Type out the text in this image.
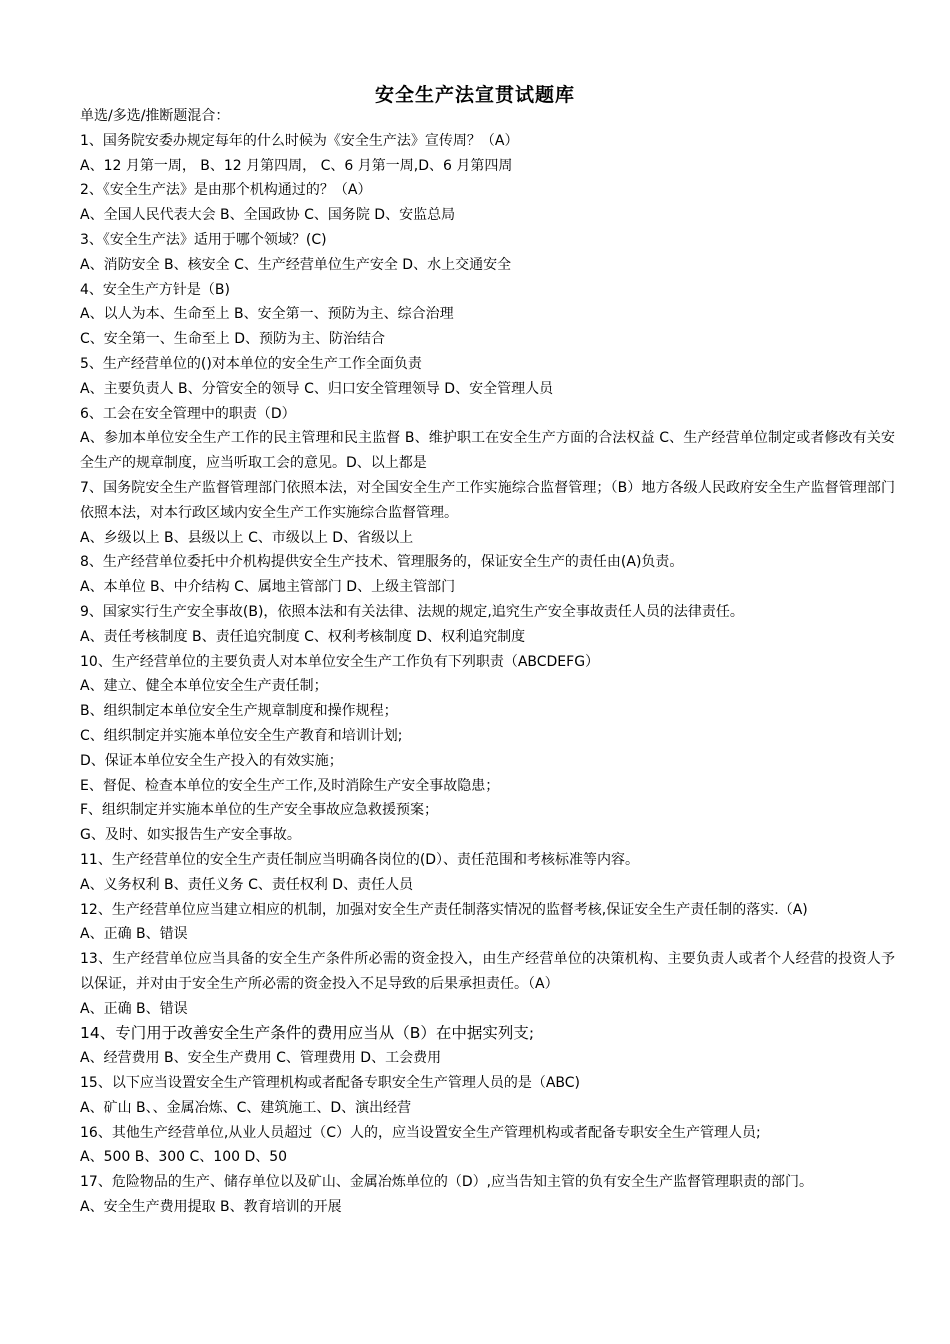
安全生产法宣贯试题库
单选/多选/推断题混合：
1、国务院安委办规定每年的什么时候为《安全生产法》宣传周？（A）
A、12 月第一周， B、12 月第四周， C、6 月第一周,D、6 月第四周
2、《安全生产法》是由那个机构通过的？（A）
A、全国人民代表大会 B、全国政协 C、国务院 D、安监总局
3、《安全生产法》适用于哪个领域？(C)
A、消防安全 B、核安全 C、生产经营单位生产安全 D、水上交通安全
4、安全生产方针是（B)
A、以人为本、生命至上 B、安全第一、预防为主、综合治理
C、安全第一、生命至上 D、预防为主、防治结合
5、生产经营单位的()对本单位的安全生产工作全面负责
A、主要负责人 B、分管安全的领导 C、归口安全管理领导 D、安全管理人员
6、工会在安全管理中的职责（D）
A、参加本单位安全生产工作的民主管理和民主监督 B、维护职工在安全生产方面的合法权益 C、生产经营单位制定或者修改有关安全生产的规章制度，应当听取工会的意见。D、以上都是
7、国务院安全生产监督管理部门依照本法，对全国安全生产工作实施综合监督管理；（B）地方各级人民政府安全生产监督管理部门依照本法，对本行政区域内安全生产工作实施综合监督管理。
A、乡级以上 B、县级以上 C、市级以上 D、省级以上
8、生产经营单位委托中介机构提供安全生产技术、管理服务的，保证安全生产的责任由(A)负责。
A、本单位 B、中介结构 C、属地主管部门 D、上级主管部门
9、国家实行生产安全事故(B)，依照本法和有关法律、法规的规定,追究生产安全事故责任人员的法律责任。
A、责任考核制度 B、责任追究制度 C、权利考核制度 D、权利追究制度
10、生产经营单位的主要负责人对本单位安全生产工作负有下列职责（ABCDEFG）
A、建立、健全本单位安全生产责任制；
B、组织制定本单位安全生产规章制度和操作规程；
C、组织制定并实施本单位安全生产教育和培训计划;
D、保证本单位安全生产投入的有效实施；
E、督促、检查本单位的安全生产工作,及时消除生产安全事故隐患；
F、组织制定并实施本单位的生产安全事故应急救援预案；
G、及时、如实报告生产安全事故。
11、生产经营单位的安全生产责任制应当明确各岗位的(D）、责任范围和考核标准等内容。
A、义务权利 B、责任义务 C、责任权利 D、责任人员
12、生产经营单位应当建立相应的机制，加强对安全生产责任制落实情况的监督考核,保证安全生产责任制的落实.（A)
A、正确 B、错误
13、生产经营单位应当具备的安全生产条件所必需的资金投入，由生产经营单位的决策机构、主要负责人或者个人经营的投资人予以保证，并对由于安全生产所必需的资金投入不足导致的后果承担责任。（A）
A、正确 B、错误
14、专门用于改善安全生产条件的费用应当从（B）在中据实列支;
A、经营费用 B、安全生产费用 C、管理费用 D、工会费用
15、以下应当设置安全生产管理机构或者配备专职安全生产管理人员的是（ABC)
A、矿山 B、、金属冶炼、C、建筑施工、D、演出经营
16、其他生产经营单位,从业人员超过（C）人的，应当设置安全生产管理机构或者配备专职安全生产管理人员;
A、500 B、300 C、100 D、50
17、危险物品的生产、储存单位以及矿山、金属冶炼单位的（D）,应当告知主管的负有安全生产监督管理职责的部门。
A、安全生产费用提取 B、教育培训的开展
